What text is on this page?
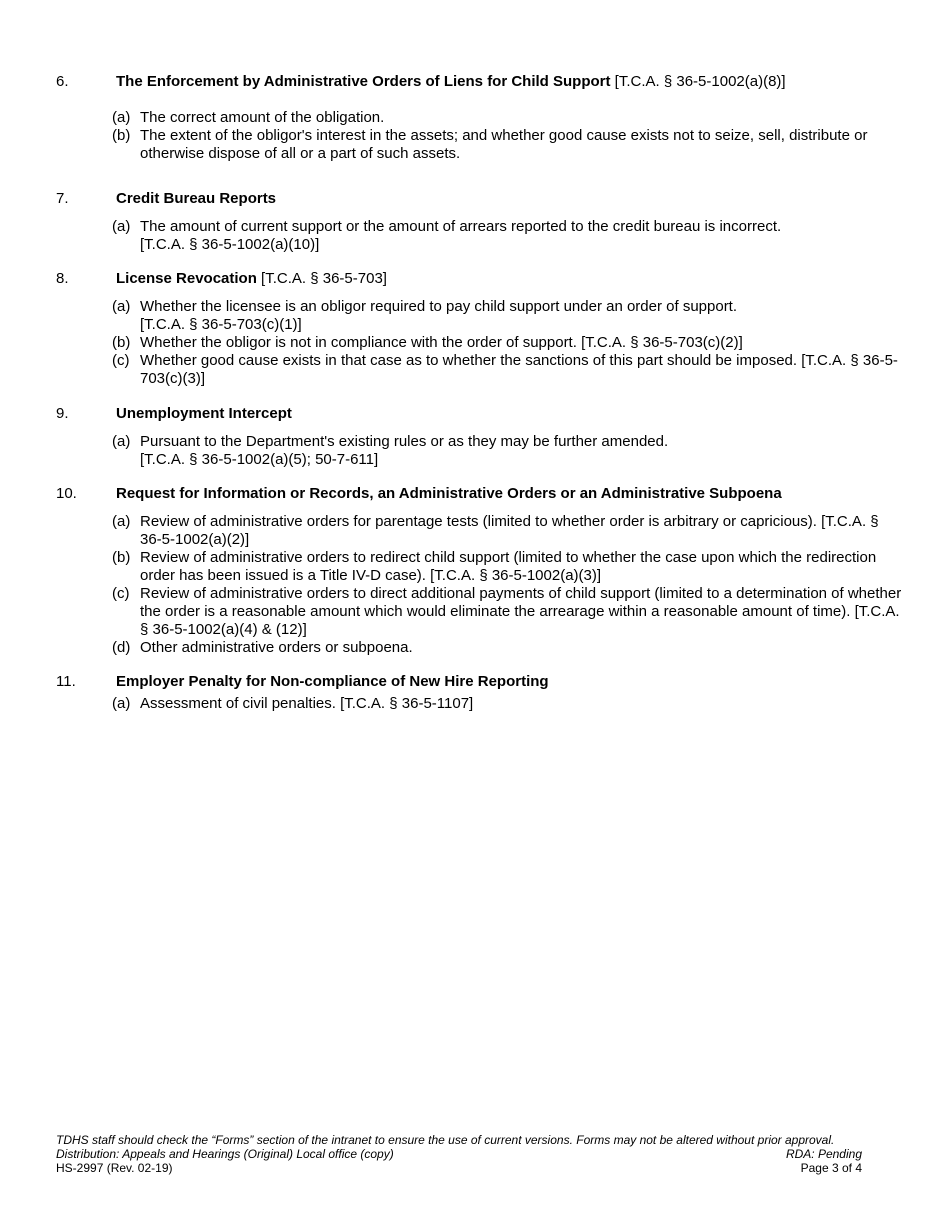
6.	The Enforcement by Administrative Orders of Liens for Child Support [T.C.A. § 36-5-1002(a)(8)]
(a) The correct amount of the obligation.
(b) The extent of the obligor's interest in the assets; and whether good cause exists not to seize, sell, distribute or otherwise dispose of all or a part of such assets.
7.	Credit Bureau Reports
(a) The amount of current support or the amount of arrears reported to the credit bureau is incorrect.
[T.C.A. § 36-5-1002(a)(10)]
8.	License Revocation [T.C.A. § 36-5-703]
(a) Whether the licensee is an obligor required to pay child support under an order of support.
[T.C.A. § 36-5-703(c)(1)]
(b) Whether the obligor is not in compliance with the order of support. [T.C.A. § 36-5-703(c)(2)]
(c) Whether good cause exists in that case as to whether the sanctions of this part should be imposed. [T.C.A. § 36-5-703(c)(3)]
9.	Unemployment Intercept
(a) Pursuant to the Department's existing rules or as they may be further amended.
[T.C.A. § 36-5-1002(a)(5); 50-7-611]
10.	Request for Information or Records, an Administrative Orders or an Administrative Subpoena
(a) Review of administrative orders for parentage tests (limited to whether order is arbitrary or capricious). [T.C.A. § 36-5-1002(a)(2)]
(b) Review of administrative orders to redirect child support (limited to whether the case upon which the redirection order has been issued is a Title IV-D case). [T.C.A. § 36-5-1002(a)(3)]
(c) Review of administrative orders to direct additional payments of child support (limited to a determination of whether the order is a reasonable amount which would eliminate the arrearage within a reasonable amount of time). [T.C.A. § 36-5-1002(a)(4) & (12)]
(d) Other administrative orders or subpoena.
11.	Employer Penalty for Non-compliance of New Hire Reporting
(a) Assessment of civil penalties. [T.C.A. § 36-5-1107]
TDHS staff should check the “Forms” section of the intranet to ensure the use of current versions. Forms may not be altered without prior approval.
Distribution: Appeals and Hearings (Original) Local office (copy)	RDA: Pending
HS-2997 (Rev. 02-19)	Page 3 of 4
